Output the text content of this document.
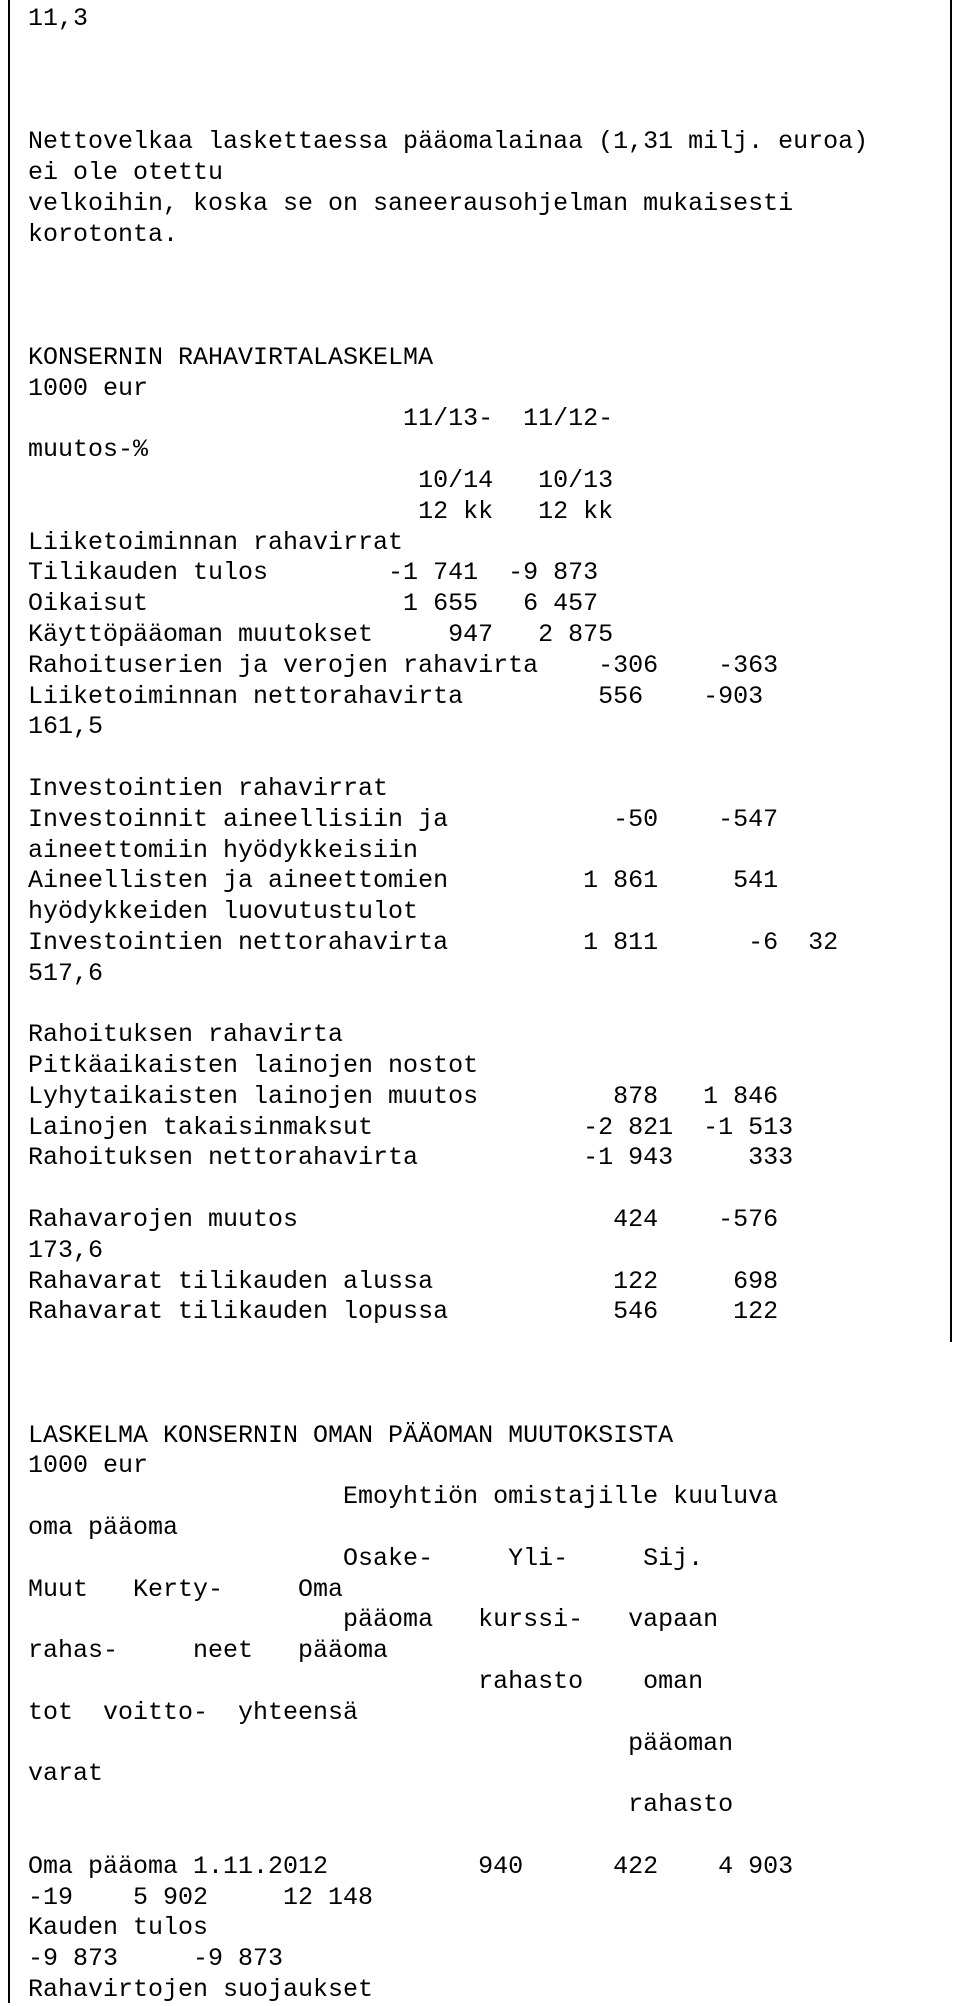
11,3
Nettovelkaa laskettaessa pääomalainaa (1,31 milj. euroa)
ei ole otettu
velkoihin, koska se on saneerausohjelman mukaisesti
korotonta.
KONSERNIN RAHAVIRTALASKELMA
1000 eur
11/13-  11/12-
muutos-%
10/14   10/13
12 kk   12 kk
Liiketoiminnan rahavirrat
Tilikauden tulos        -1 741  -9 873
Oikaisut                 1 655   6 457
Käyttöpääoman muutokset     947   2 875
Rahoituserien ja verojen rahavirta    -306    -363
Liiketoiminnan nettorahavirta         556    -903
161,5
Investointien rahavirrat
Investoinnit aineellisiin ja           -50    -547
aineettomiin hyödykkeisiin
Aineellisten ja aineettomien         1 861     541
hyödykkeiden luovutustulot
Investointien nettorahavirta         1 811      -6  32
517,6
Rahoituksen rahavirta
Pitkäaikaisten lainojen nostot
Lyhytaikaisten lainojen muutos         878   1 846
Lainojen takaisinmaksut              -2 821  -1 513
Rahoituksen nettorahavirta           -1 943     333
Rahavarojen muutos                     424    -576
173,6
Rahavarat tilikauden alussa            122     698
Rahavarat tilikauden lopussa           546     122
LASKELMA KONSERNIN OMAN PÄÄOMAN MUUTOKSISTA
1000 eur
Emoyhtiön omistajille kuuluva
oma pääoma
Osake-     Yli-     Sij.
Muut   Kerty-     Oma
pääoma   kurssi-   vapaan
rahas-     neet   pääoma
rahasto    oman
tot  voitto-  yhteensä
pääoman
varat
rahasto
Oma pääoma 1.11.2012          940      422    4 903
-19    5 902     12 148
Kauden tulos
-9 873     -9 873
Rahavirtojen suojaukset
